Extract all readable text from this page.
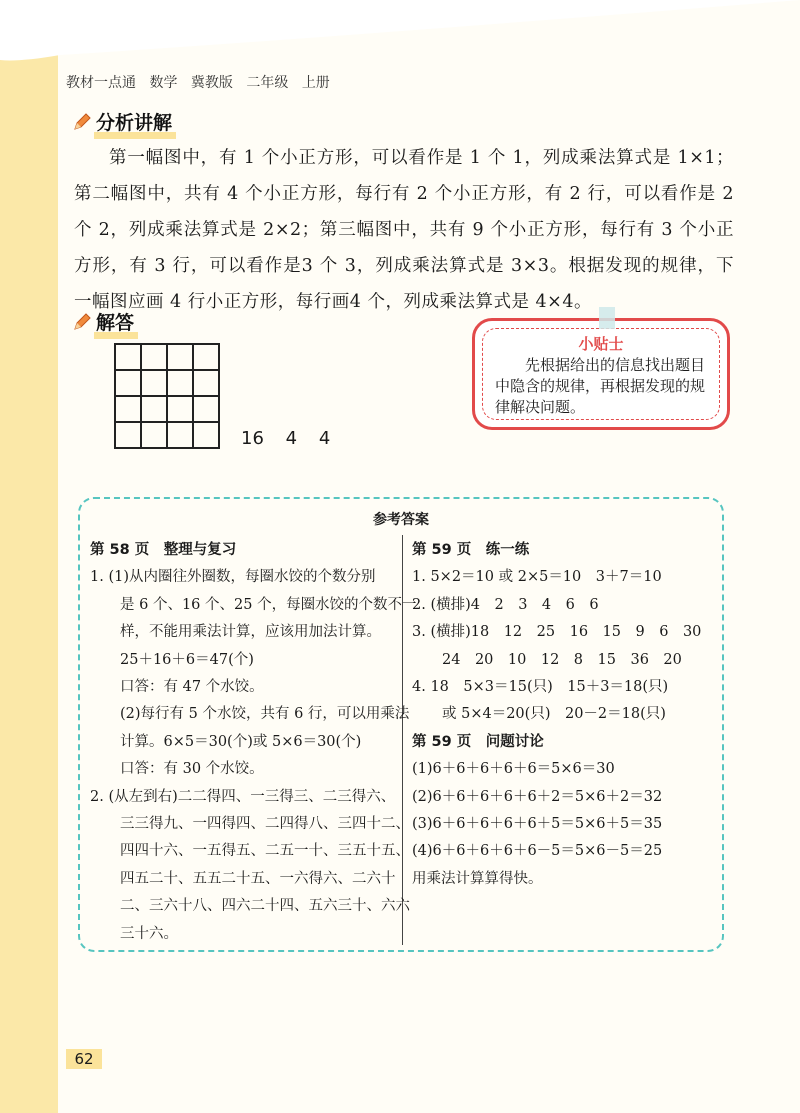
教材一点通 数学 冀教版 二年级 上册
分析讲解
第一幅图中，有 1 个小正方形，可以看作是 1 个 1，列成乘法算式是 1×1；第二幅图中，共有 4 个小正方形，每行有 2 个小正方形，有 2 行，可以看作是 2 个 2，列成乘法算式是 2×2；第三幅图中，共有 9 个小正方形，每行有 3 个小正方形，有 3 行，可以看作是3 个 3，列成乘法算式是 3×3。根据发现的规律，下一幅图应画 4 行小正方形，每行画4 个，列成乘法算式是 4×4。
解答
16 4 4
小贴士
先根据给出的信息找出题目中隐含的规律，再根据发现的规律解决问题。
参考答案
第 58 页　整理与复习
1. (1)从内圈往外圈数，每圈水饺的个数分别
是 6 个、16 个、25 个，每圈水饺的个数不一
样，不能用乘法计算，应该用加法计算。
25＋16＋6＝47(个)
口答：有 47 个水饺。
(2)每行有 5 个水饺，共有 6 行，可以用乘法
计算。6×5＝30(个)或 5×6＝30(个)
口答：有 30 个水饺。
2. (从左到右)二二得四、一三得三、二三得六、
三三得九、一四得四、二四得八、三四十二、
四四十六、一五得五、二五一十、三五十五、
四五二十、五五二十五、一六得六、二六十
二、三六十八、四六二十四、五六三十、六六
三十六。
第 59 页　练一练
1. 5×2＝10 或 2×5＝10　3＋7＝10
2. (横排)4　2　3　4　6　6
3. (横排)18　12　25　16　15　9　6　30
24　20　10　12　8　15　36　20
4. 18　5×3＝15(只)　15＋3＝18(只)
或 5×4＝20(只)　20－2＝18(只)
第 59 页　问题讨论
(1)6＋6＋6＋6＋6＝5×6＝30
(2)6＋6＋6＋6＋6＋2＝5×6＋2＝32
(3)6＋6＋6＋6＋6＋5＝5×6＋5＝35
(4)6＋6＋6＋6＋6－5＝5×6－5＝25
用乘法计算算得快。
62
